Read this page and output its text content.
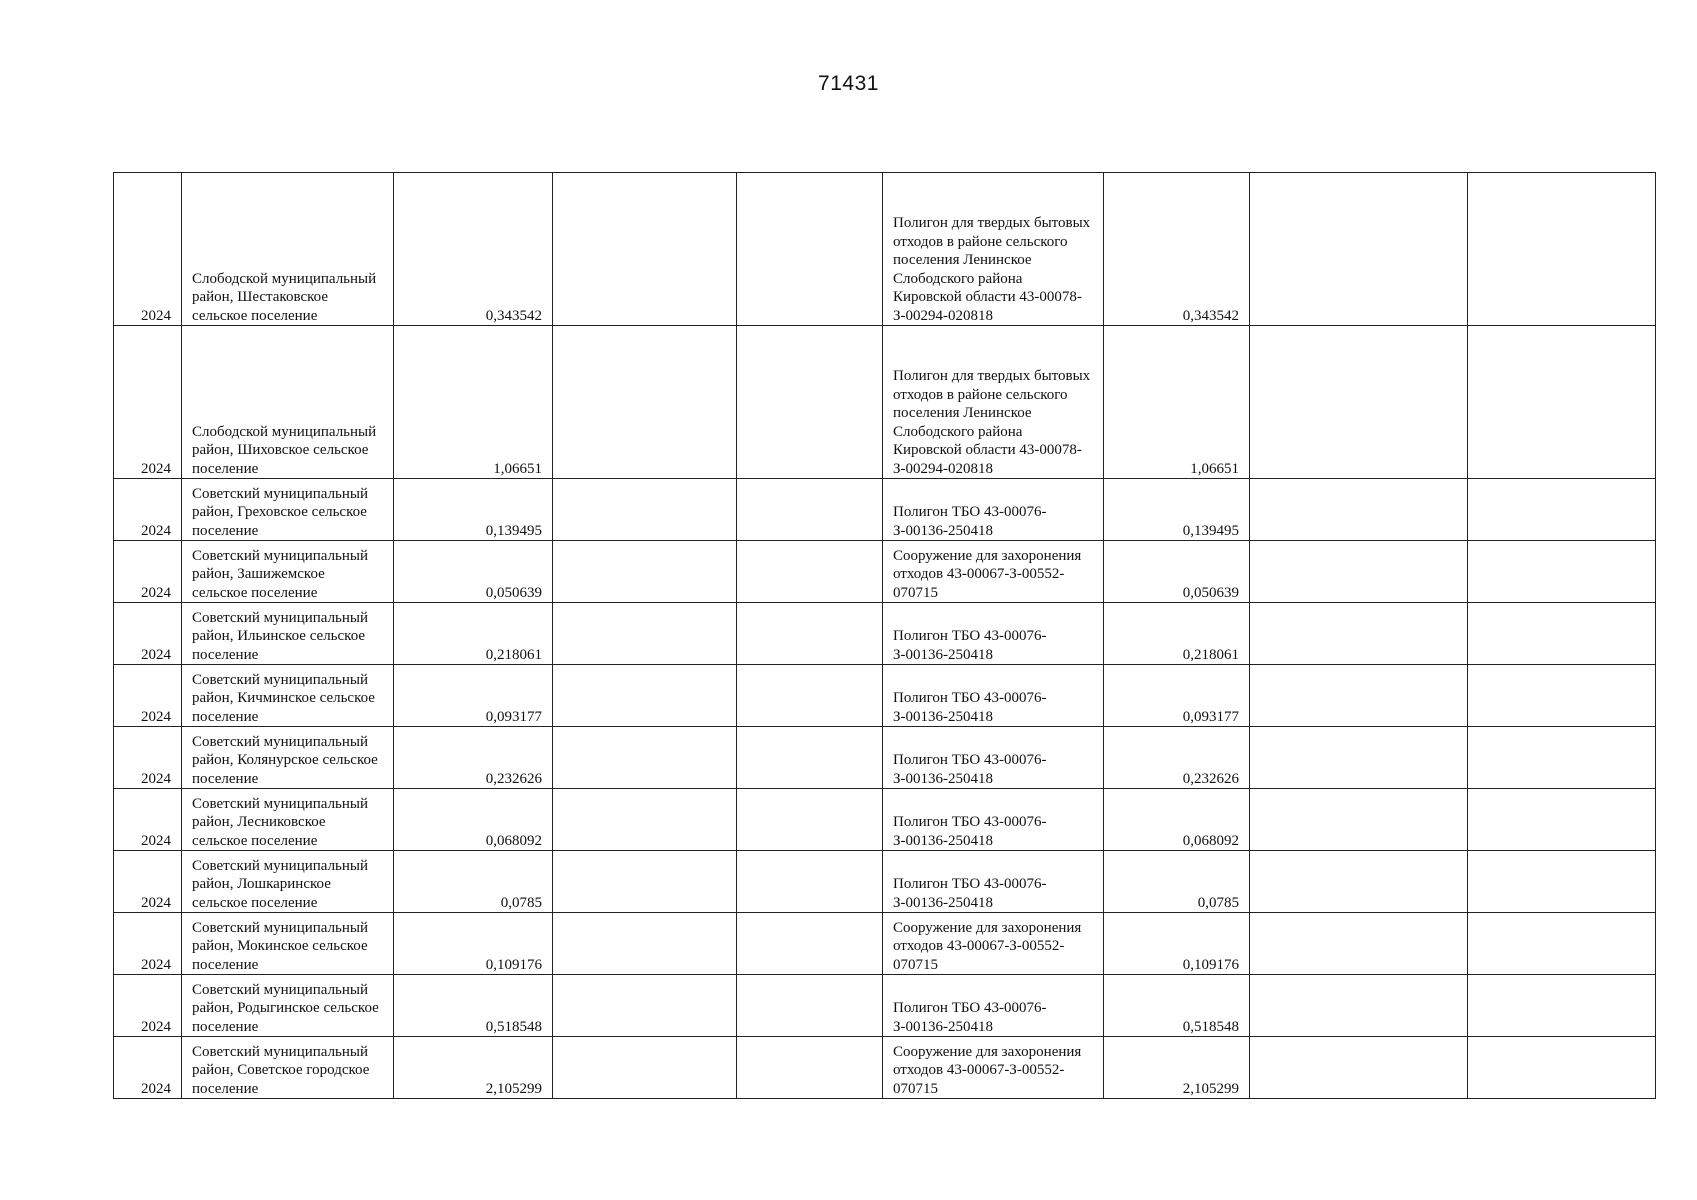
71431
2024	Слободской муниципальный район, Шестаковское сельское поселение	0,343542			Полигон для твердых бытовых отходов в районе сельского поселения Ленинское Слободского района Кировской области 43-00078-З-00294-020818	0,343542		
2024	Слободской муниципальный район, Шиховское сельское поселение	1,06651			Полигон для твердых бытовых отходов в районе сельского поселения Ленинское Слободского района Кировской области 43-00078-З-00294-020818	1,06651		
2024	Советский муниципальный район, Греховское сельское поселение	0,139495			Полигон ТБО 43-00076-З-00136-250418	0,139495		
2024	Советский муниципальный район, Зашижемское сельское поселение	0,050639			Сооружение для захоронения отходов 43-00067-З-00552-070715	0,050639		
2024	Советский муниципальный район, Ильинское сельское поселение	0,218061			Полигон ТБО 43-00076-З-00136-250418	0,218061		
2024	Советский муниципальный район, Кичминское сельское поселение	0,093177			Полигон ТБО 43-00076-З-00136-250418	0,093177		
2024	Советский муниципальный район, Колянурское сельское поселение	0,232626			Полигон ТБО 43-00076-З-00136-250418	0,232626		
2024	Советский муниципальный район, Лесниковское сельское поселение	0,068092			Полигон ТБО 43-00076-З-00136-250418	0,068092		
2024	Советский муниципальный район, Лошкаринское сельское поселение	0,0785			Полигон ТБО 43-00076-З-00136-250418	0,0785		
2024	Советский муниципальный район, Мокинское сельское поселение	0,109176			Сооружение для захоронения отходов 43-00067-З-00552-070715	0,109176		
2024	Советский муниципальный район, Родыгинское сельское поселение	0,518548			Полигон ТБО 43-00076-З-00136-250418	0,518548		
2024	Советский муниципальный район, Советское городское поселение	2,105299			Сооружение для захоронения отходов 43-00067-З-00552-070715	2,105299		
